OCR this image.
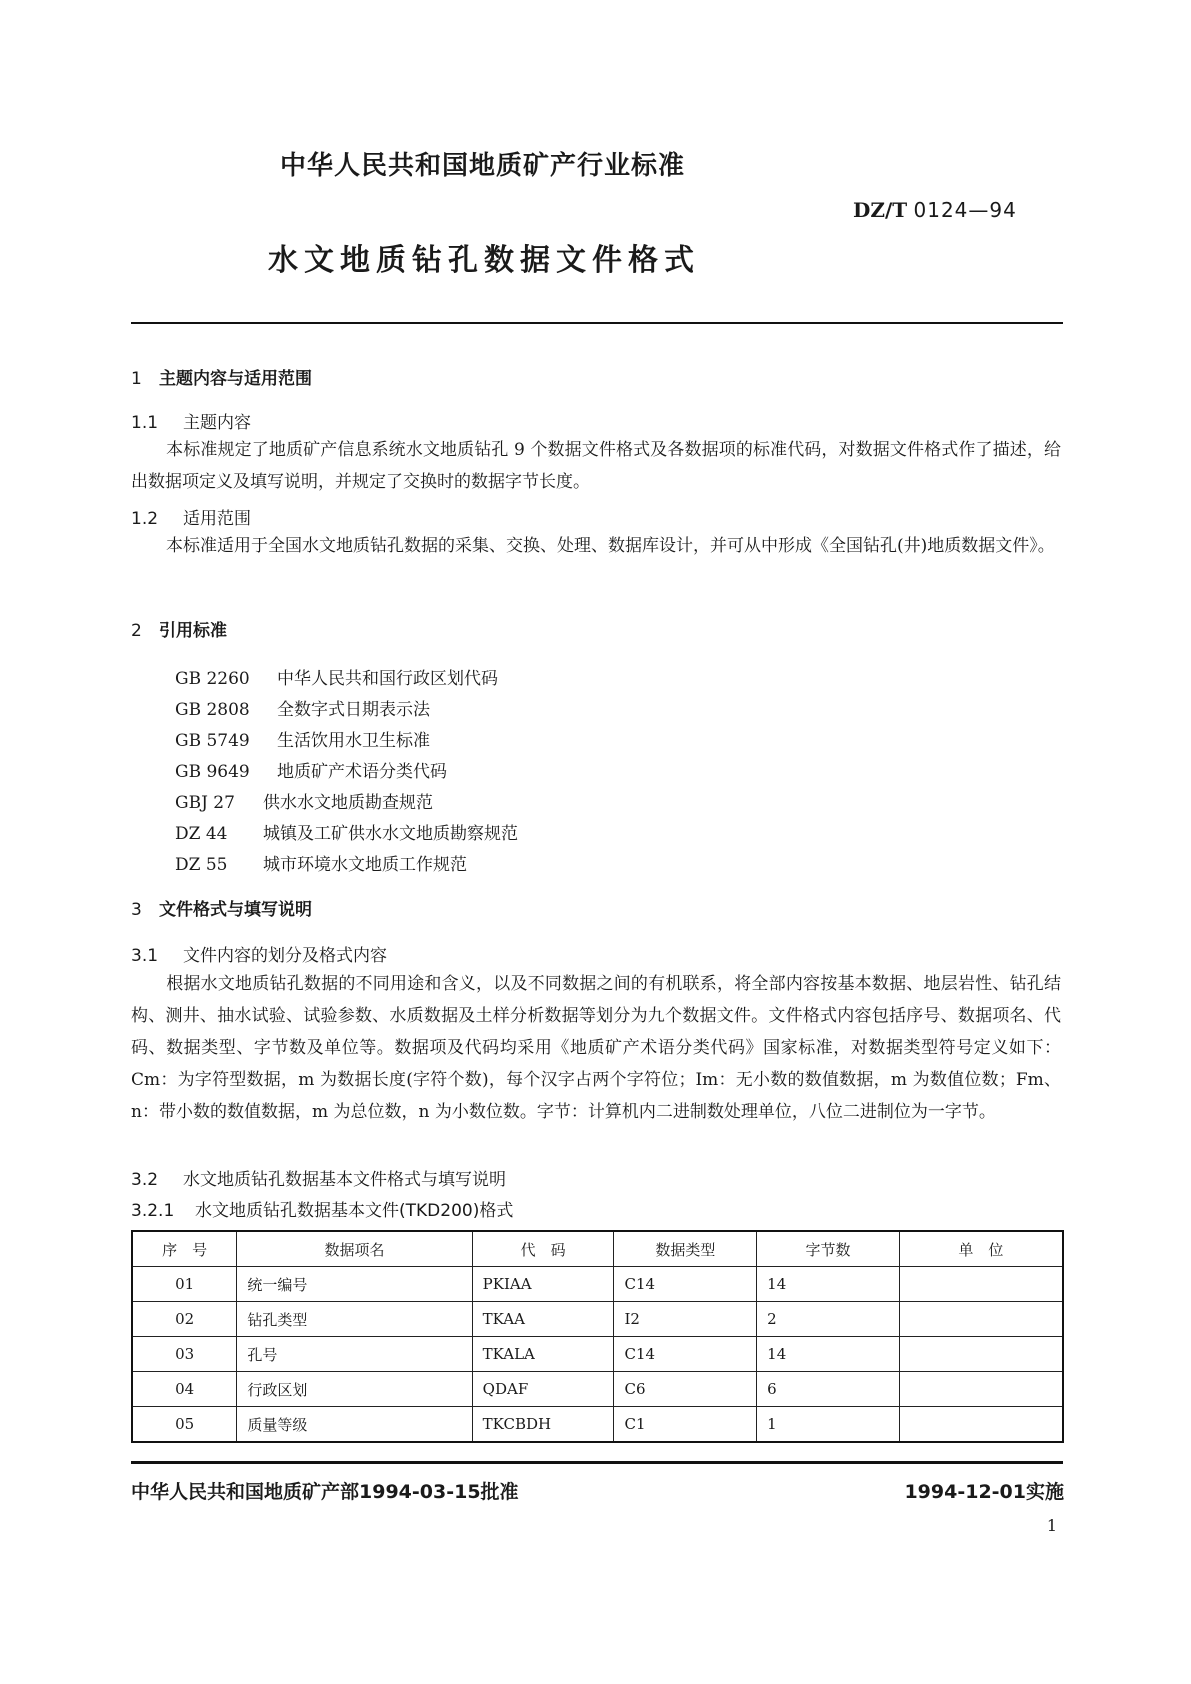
中华人民共和国地质矿产行业标准
DZ/T 0124—94
水文地质钻孔数据文件格式
1 主题内容与适用范围
1.1 主题内容
本标准规定了地质矿产信息系统水文地质钻孔 9 个数据文件格式及各数据项的标准代码，对数据文件格式作了描述，给出数据项定义及填写说明，并规定了交换时的数据字节长度。
1.2 适用范围
本标准适用于全国水文地质钻孔数据的采集、交换、处理、数据库设计，并可从中形成《全国钻孔(井)地质数据文件》。
2 引用标准
GB 2260 中华人民共和国行政区划代码
GB 2808 全数字式日期表示法
GB 5749 生活饮用水卫生标准
GB 9649 地质矿产术语分类代码
GBJ 27 供水水文地质勘查规范
DZ 44 城镇及工矿供水水文地质勘察规范
DZ 55 城市环境水文地质工作规范
3 文件格式与填写说明
3.1 文件内容的划分及格式内容
根据水文地质钻孔数据的不同用途和含义，以及不同数据之间的有机联系，将全部内容按基本数据、地层岩性、钻孔结构、测井、抽水试验、试验参数、水质数据及土样分析数据等划分为九个数据文件。文件格式内容包括序号、数据项名、代码、数据类型、字节数及单位等。数据项及代码均采用《地质矿产术语分类代码》国家标准，对数据类型符号定义如下：Cm：为字符型数据，m 为数据长度(字符个数)，每个汉字占两个字符位；Im：无小数的数值数据，m 为数值位数；Fm、n：带小数的数值数据，m 为总位数，n 为小数位数。字节：计算机内二进制数处理单位，八位二进制位为一字节。
3.2 水文地质钻孔数据基本文件格式与填写说明
3.2.1 水文地质钻孔数据基本文件(TKD200)格式
序　号	数据项名	代　码	数据类型	字节数	单　位
01	统一编号	PKIAA	C14	14	
02	钻孔类型	TKAA	I2	2	
03	孔号	TKALA	C14	14	
04	行政区划	QDAF	C6	6	
05	质量等级	TKCBDH	C1	1	
中华人民共和国地质矿产部1994-03-15批准	1994-12-01实施
1
